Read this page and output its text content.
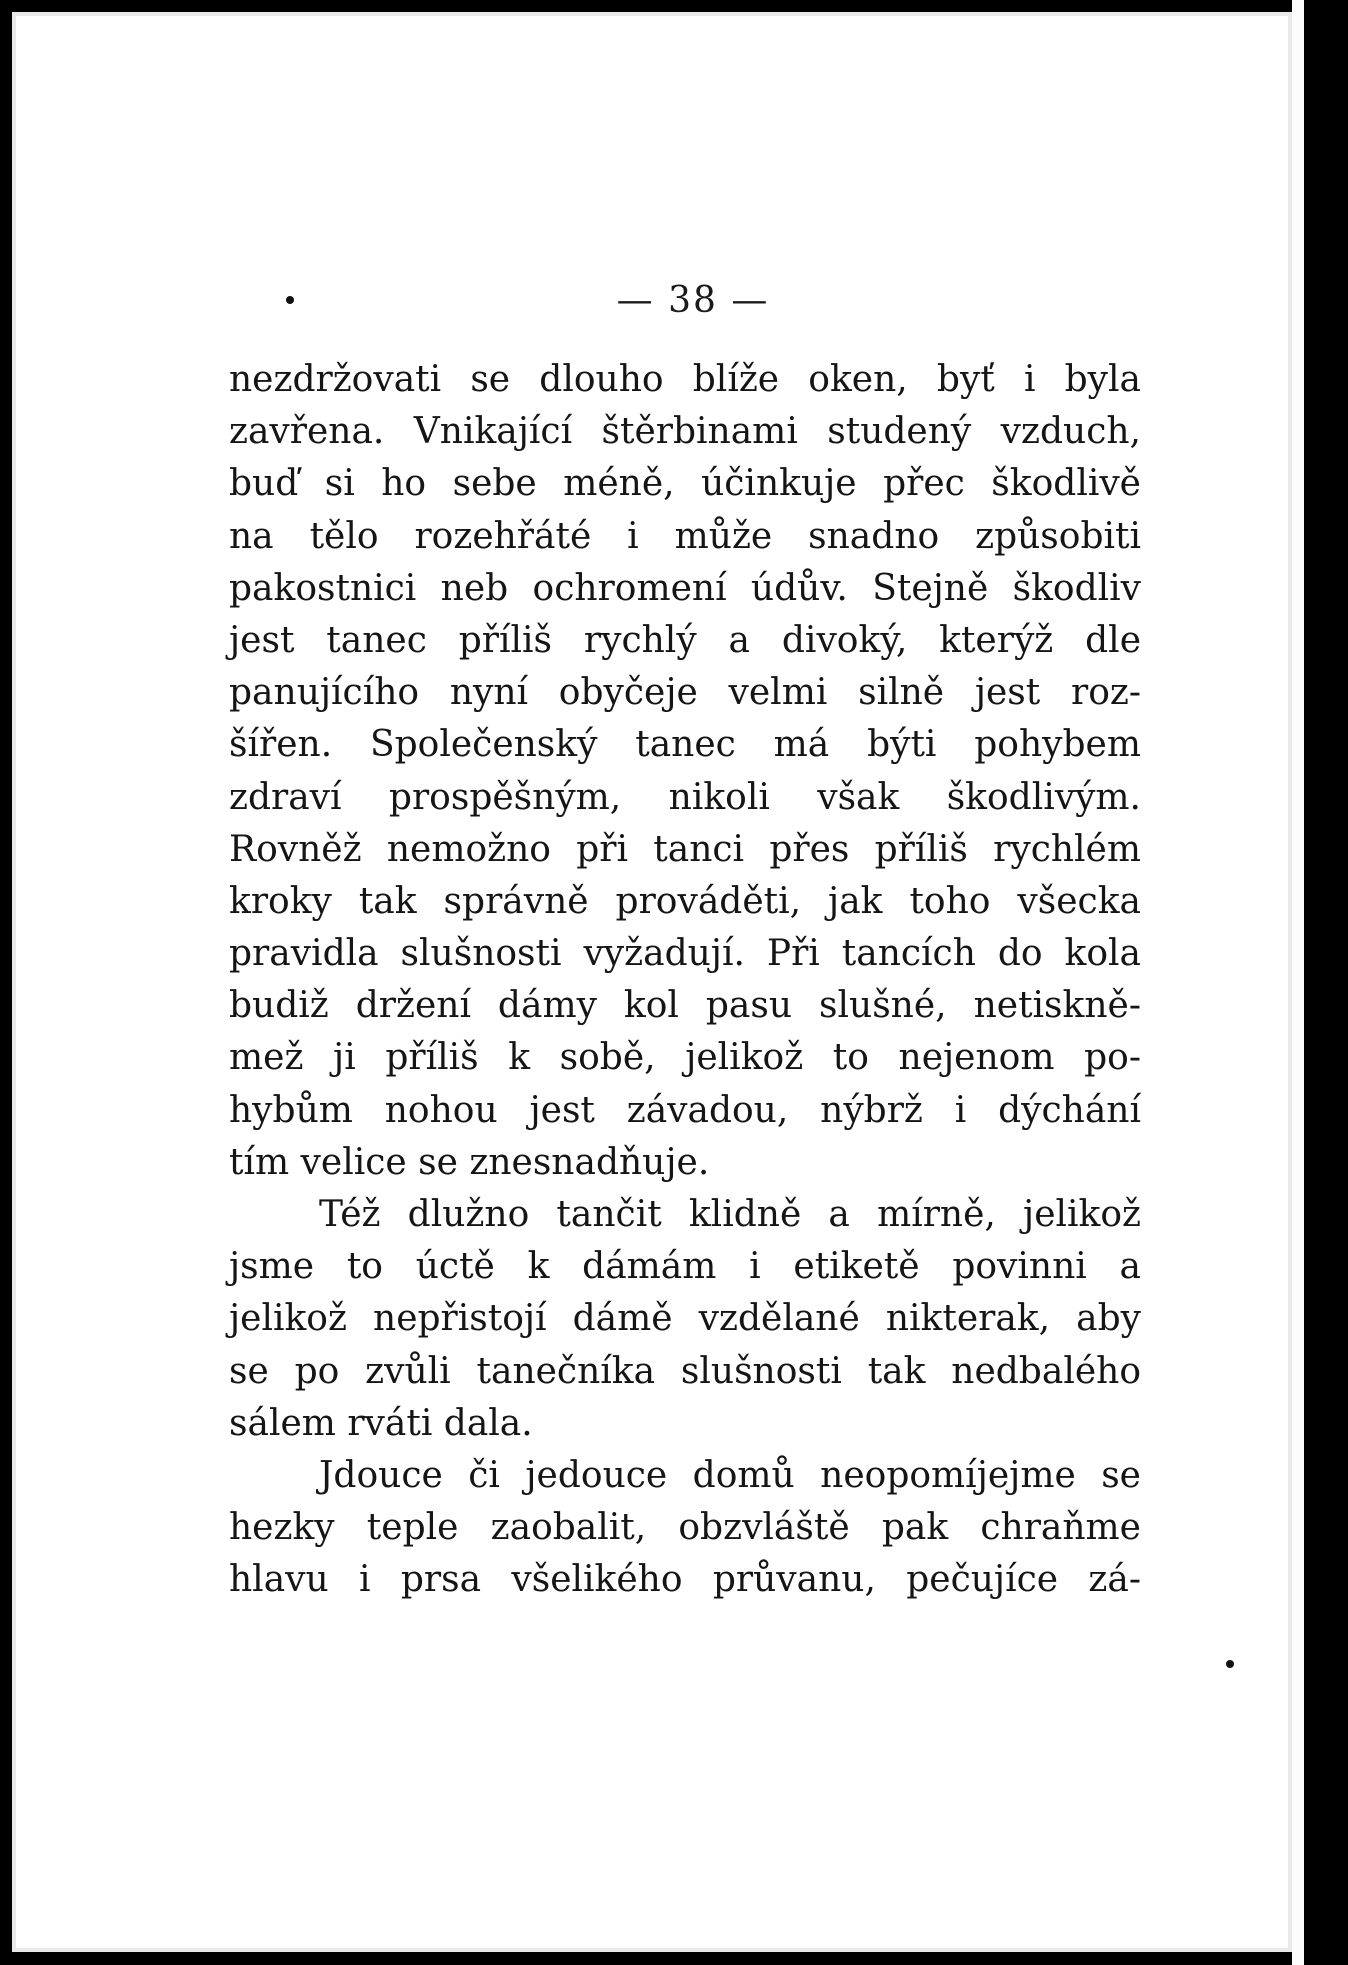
— 38 —
nezdržovati se dlouho blíže oken, byť i byla
zavřena. Vnikající štěrbinami studený vzduch,
buď si ho sebe méně, účinkuje přec škodlivě
na tělo rozehřáté i může snadno způsobiti
pakostnici neb ochromení údův. Stejně škodliv
jest tanec příliš rychlý a divoký, kterýž dle
panujícího nyní obyčeje velmi silně jest roz-
šířen. Společenský tanec má býti pohybem
zdraví prospěšným, nikoli však škodlivým.
Rovněž nemožno při tanci přes příliš rychlém
kroky tak správně prováděti, jak toho všecka
pravidla slušnosti vyžadují. Při tancích do kola
budiž držení dámy kol pasu slušné, netiskně-
mež ji příliš k sobě, jelikož to nejenom po-
hybům nohou jest závadou, nýbrž i dýchání
tím velice se znesnadňuje.
Též dlužno tančit klidně a mírně, jelikož
jsme to úctě k dámám i etiketě povinni a
jelikož nepřistojí dámě vzdělané nikterak, aby
se po zvůli tanečníka slušnosti tak nedbalého
sálem rváti dala.
Jdouce či jedouce domů neopomíjejme se
hezky teple zaobalit, obzvláště pak chraňme
hlavu i prsa všelikého průvanu, pečujíce zá-
